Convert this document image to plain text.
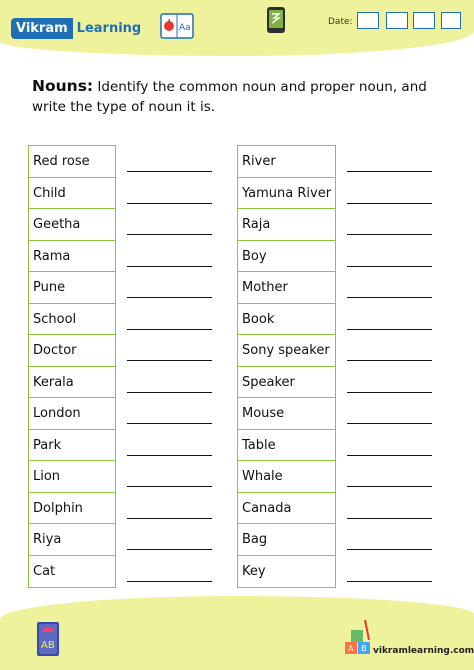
Vikram Learning	Aa
Date:
Nouns: Identify the common noun and proper noun, and write the type of noun it is.
Red rose
Child
Geetha
Rama
Pune
School
Doctor
Kerala
London
Park
Lion
Dolphin
Riya
Cat
River
Yamuna River
Raja
Boy
Mother
Book
Sony speaker
Speaker
Mouse
Table
Whale
Canada
Bag
Key
AB	A B vikramlearning.com
